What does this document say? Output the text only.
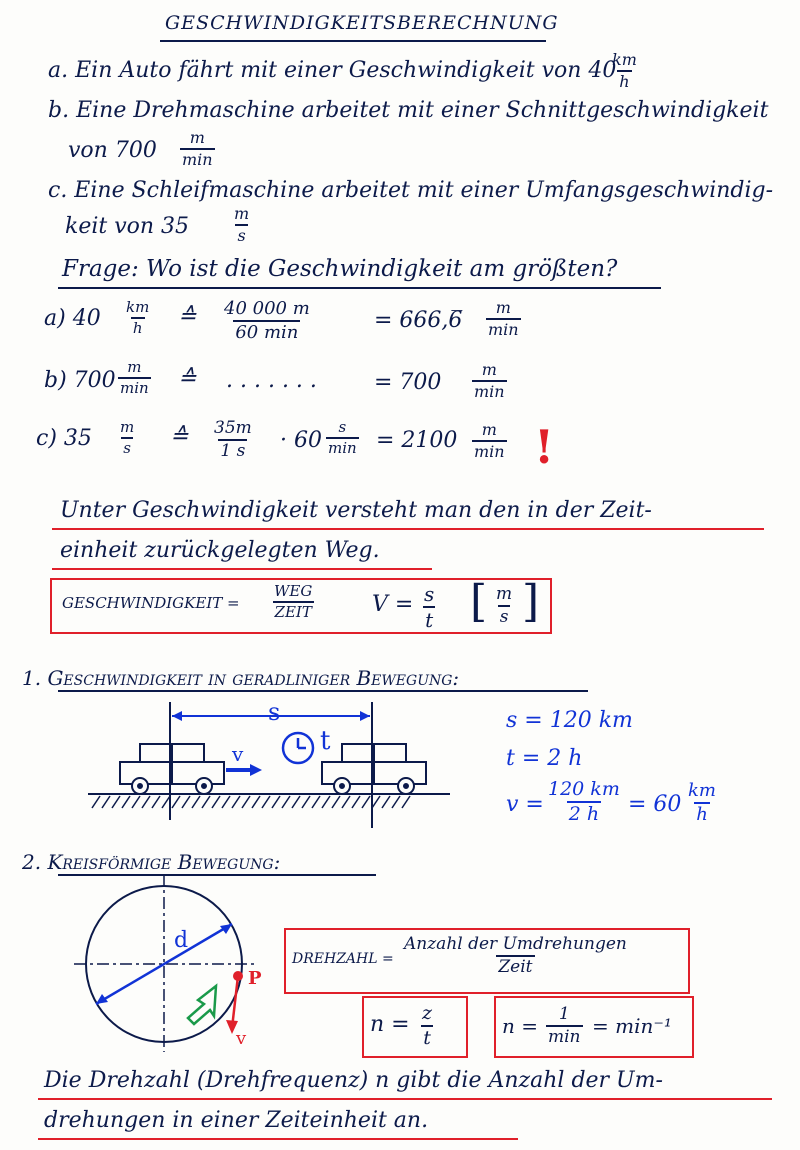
GESCHWINDIGKEITSBERECHNUNG
a. Ein Auto fährt mit einer Geschwindigkeit von 40
$\frac{km}{h}$
b. Eine Drehmaschine arbeitet mit einer Schnittgeschwindigkeit
von 700
m
min
c. Eine Schleifmaschine arbeitet mit einer Umfangsgeschwindig-
keit von 35	$\frac{m}{s}$
Frage: Wo ist die Geschwindigkeit am größten?
a) $40 \frac{km}{h}$ ≙ 40 000 m
60 min	= 666,6̅
m
min
b) 700
m
min ≙ . . . . . . .	= 700
m
min
c) $35 \frac{m}{s}$ ≙ $\frac{35m}{1 s} \cdot 60$
s
min = 2100 m
min !
Unter Geschwindigkeit versteht man den in der Zeit-
einheit zurückgelegten Weg.
GESCHWINDIGKEIT =
WEG
ZEIT	$V = \frac{s}{t}$ [ $\frac{m}{s}$ ]
1. Geschwindigkeit in geradliniger Bewegung:
s
t
v
s = 120 km
t = 2 h
$v = \frac{120 km}{2 h} = 60 \frac{km}{h}$
2. Kreisförmige Bewegung:
d
P
v
DREHZAHL =
Anzahl der Umdrehungen
Zeit
$n = \frac{z}{t}$	n = 1
min = min⁻¹
Die Drehzahl (Drehfrequenz) n gibt die Anzahl der Um-
drehungen in einer Zeiteinheit an.
